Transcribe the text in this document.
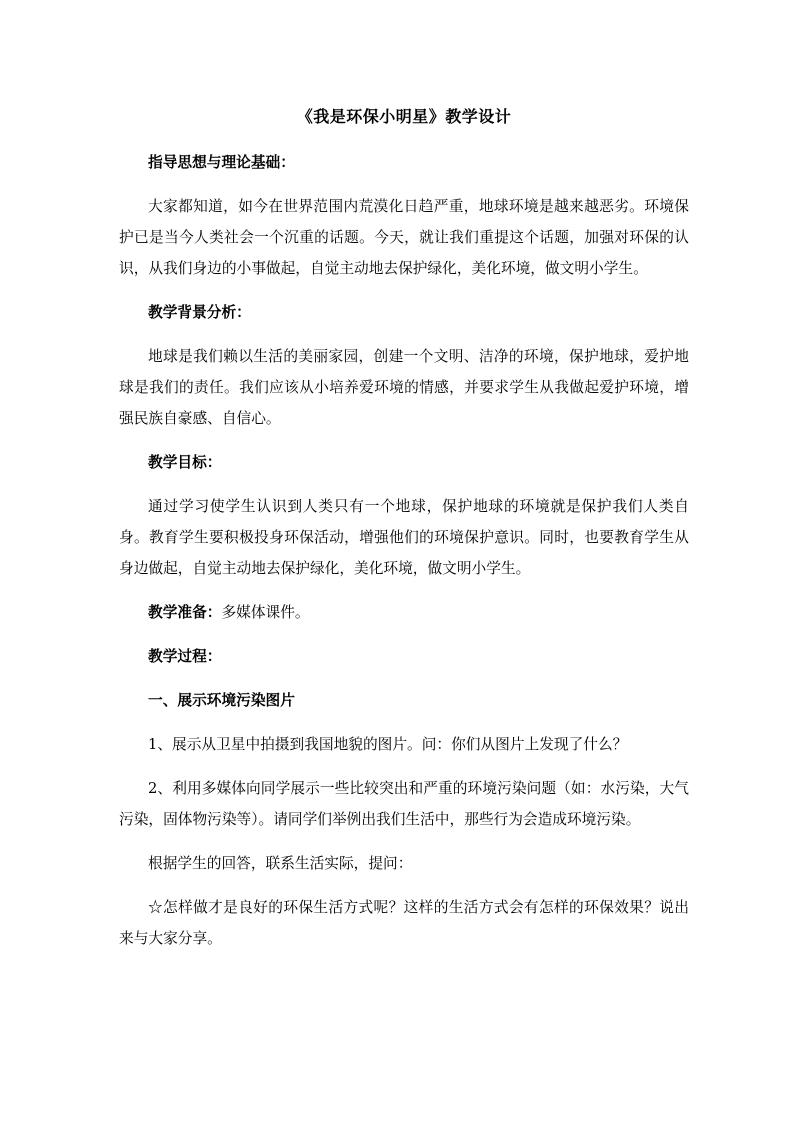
《我是环保小明星》教学设计
指导思想与理论基础：
大家都知道，如今在世界范围内荒漠化日趋严重，地球环境是越来越恶劣。环境保护已是当今人类社会一个沉重的话题。今天，就让我们重提这个话题，加强对环保的认识，从我们身边的小事做起，自觉主动地去保护绿化，美化环境，做文明小学生。
教学背景分析：
地球是我们赖以生活的美丽家园，创建一个文明、洁净的环境，保护地球，爱护地球是我们的责任。我们应该从小培养爱环境的情感，并要求学生从我做起爱护环境，增强民族自豪感、自信心。
教学目标：
通过学习使学生认识到人类只有一个地球，保护地球的环境就是保护我们人类自身。教育学生要积极投身环保活动，增强他们的环境保护意识。同时，也要教育学生从身边做起，自觉主动地去保护绿化，美化环境，做文明小学生。
教学准备：多媒体课件。
教学过程：
一、展示环境污染图片
1、展示从卫星中拍摄到我国地貌的图片。问：你们从图片上发现了什么？
2、利用多媒体向同学展示一些比较突出和严重的环境污染问题（如：水污染，大气污染，固体物污染等）。请同学们举例出我们生活中，那些行为会造成环境污染。
根据学生的回答，联系生活实际，提问：
☆怎样做才是良好的环保生活方式呢？这样的生活方式会有怎样的环保效果？说出来与大家分享。
